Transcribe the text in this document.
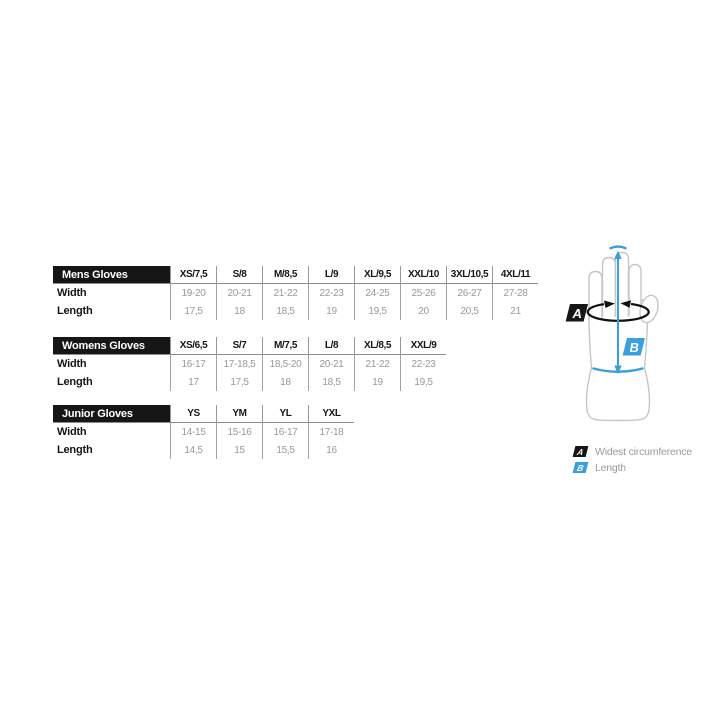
Mens Gloves	XS/7,5	S/8	M/8,5	L/9	XL/9,5	XXL/10	3XL/10,5	4XL/11
Width	19-20	20-21	21-22	22-23	24-25	25-26	26-27	27-28
Length	17,5	18	18,5	19	19,5	20	20,5	21
Womens Gloves	XS/6,5	S/7	M/7,5	L/8	XL/8,5	XXL/9
Width	16-17	17-18,5	18,5-20	20-21	21-22	22-23
Length	17	17,5	18	18,5	19	19,5
Junior Gloves	YS	YM	YL	YXL
Width	14-15	15-16	16-17	17-18
Length	14,5	15	15,5	16
A
B
A Widest circumference
B Length
